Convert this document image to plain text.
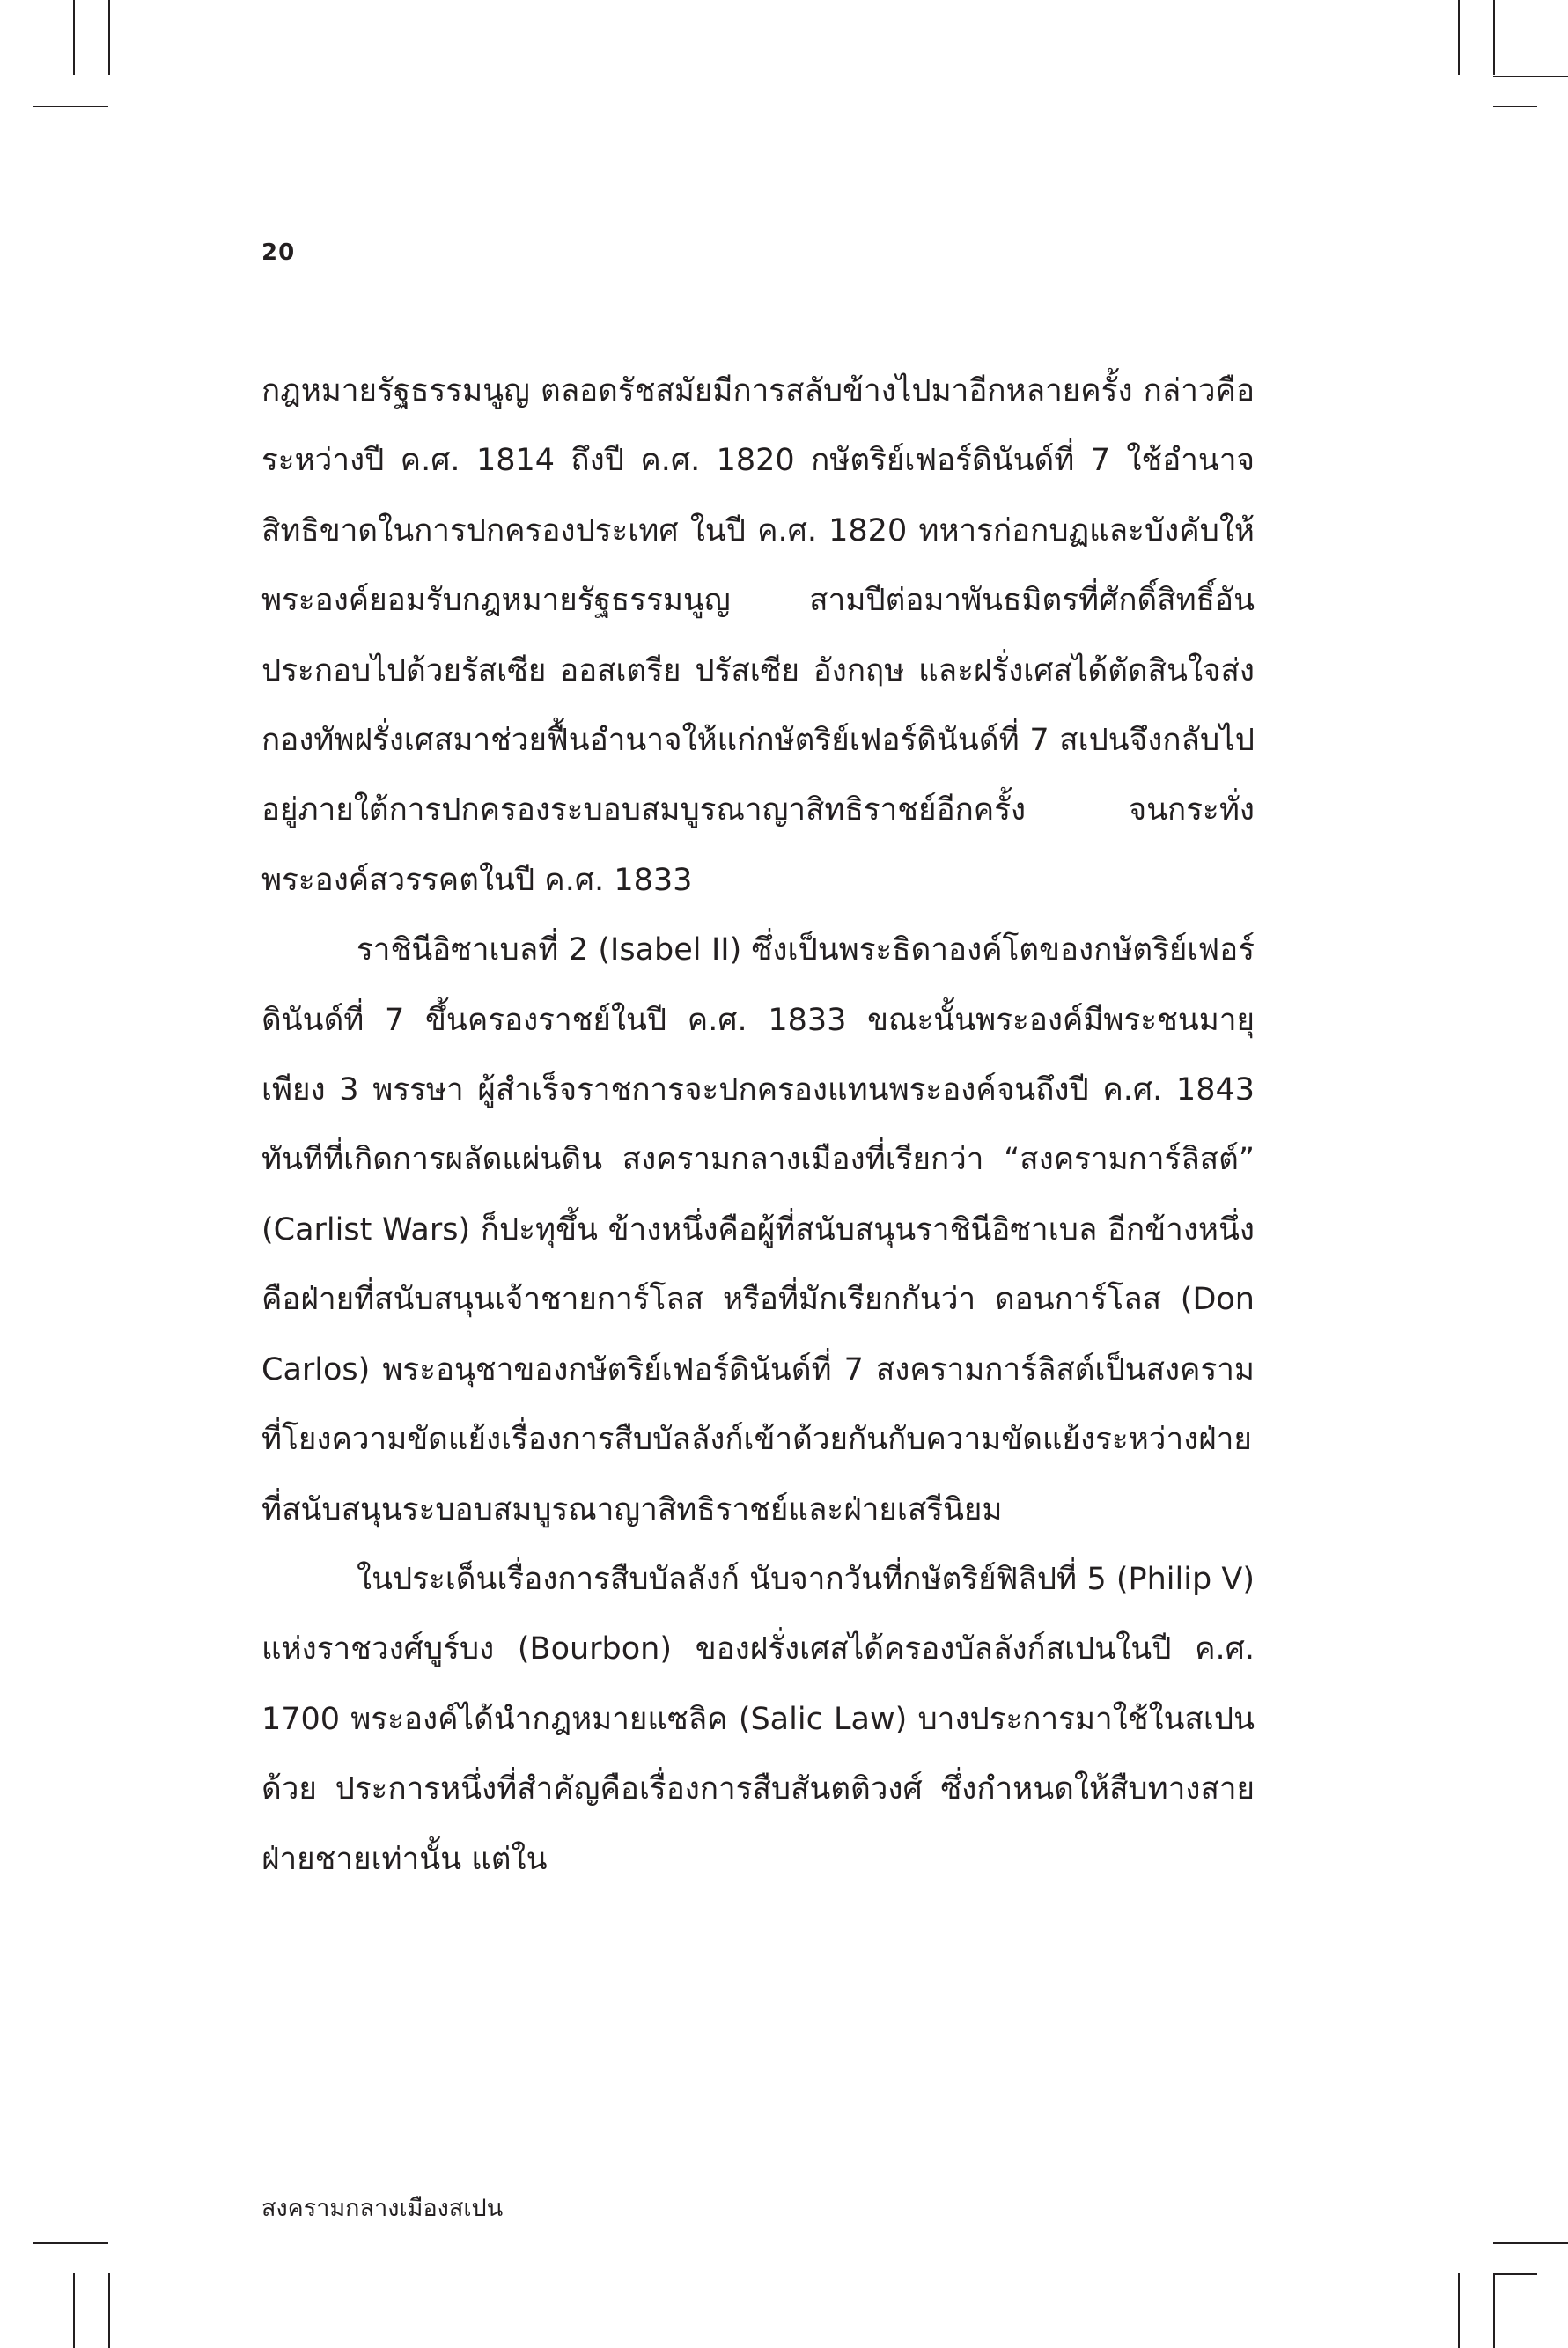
20

กฎหมายรัฐธรรมนูญ ตลอดรัชสมัยมีการสลับข้างไปมาอีกหลายครั้ง กล่าวคือ ระหว่างปี ค.ศ. 1814 ถึงปี ค.ศ. 1820 กษัตริย์เฟอร์ดินันด์ที่ 7 ใช้อำนาจสิทธิขาดในการปกครองประเทศ ในปี ค.ศ. 1820 ทหารก่อกบฏและบังคับให้พระองค์ยอมรับกฎหมายรัฐธรรมนูญ สามปีต่อมาพันธมิตรที่ศักดิ์สิทธิ์อันประกอบไปด้วยรัสเซีย ออสเตรีย ปรัสเซีย อังกฤษ และฝรั่งเศสได้ตัดสินใจส่งกองทัพฝรั่งเศสมาช่วยฟื้นอำนาจให้แก่กษัตริย์เฟอร์ดินันด์ที่ 7 สเปนจึงกลับไปอยู่ภายใต้การปกครองระบอบสมบูรณาญาสิทธิราชย์อีกครั้ง จนกระทั่งพระองค์สวรรคตในปี ค.ศ. 1833

ราชินีอิซาเบลที่ 2 (Isabel II) ซึ่งเป็นพระธิดาองค์โตของกษัตริย์เฟอร์ดินันด์ที่ 7 ขึ้นครองราชย์ในปี ค.ศ. 1833 ขณะนั้นพระองค์มีพระชนมายุเพียง 3 พรรษา ผู้สำเร็จราชการจะปกครองแทนพระองค์จนถึงปี ค.ศ. 1843 ทันทีที่เกิดการผลัดแผ่นดิน สงครามกลางเมืองที่เรียกว่า “สงครามการ์ลิสต์” (Carlist Wars) ก็ปะทุขึ้น ข้างหนึ่งคือผู้ที่สนับสนุนราชินีอิซาเบล อีกข้างหนึ่งคือฝ่ายที่สนับสนุนเจ้าชายการ์โลส หรือที่มักเรียกกันว่า ดอนการ์โลส (Don Carlos) พระอนุชาของกษัตริย์เฟอร์ดินันด์ที่ 7 สงครามการ์ลิสต์เป็นสงครามที่โยงความขัดแย้งเรื่องการสืบบัลลังก์เข้าด้วยกันกับความขัดแย้งระหว่างฝ่ายที่สนับสนุนระบอบสมบูรณาญาสิทธิราชย์และฝ่ายเสรีนิยม

ในประเด็นเรื่องการสืบบัลลังก์ นับจากวันที่กษัตริย์ฟิลิปที่ 5 (Philip V) แห่งราชวงศ์บูร์บง (Bourbon) ของฝรั่งเศสได้ครองบัลลังก์สเปนในปี ค.ศ. 1700 พระองค์ได้นำกฎหมายแซลิค (Salic Law) บางประการมาใช้ในสเปนด้วย ประการหนึ่งที่สำคัญคือเรื่องการสืบสันตติวงศ์ ซึ่งกำหนดให้สืบทางสายฝ่ายชายเท่านั้น แต่ใน

สงครามกลางเมืองสเปน
